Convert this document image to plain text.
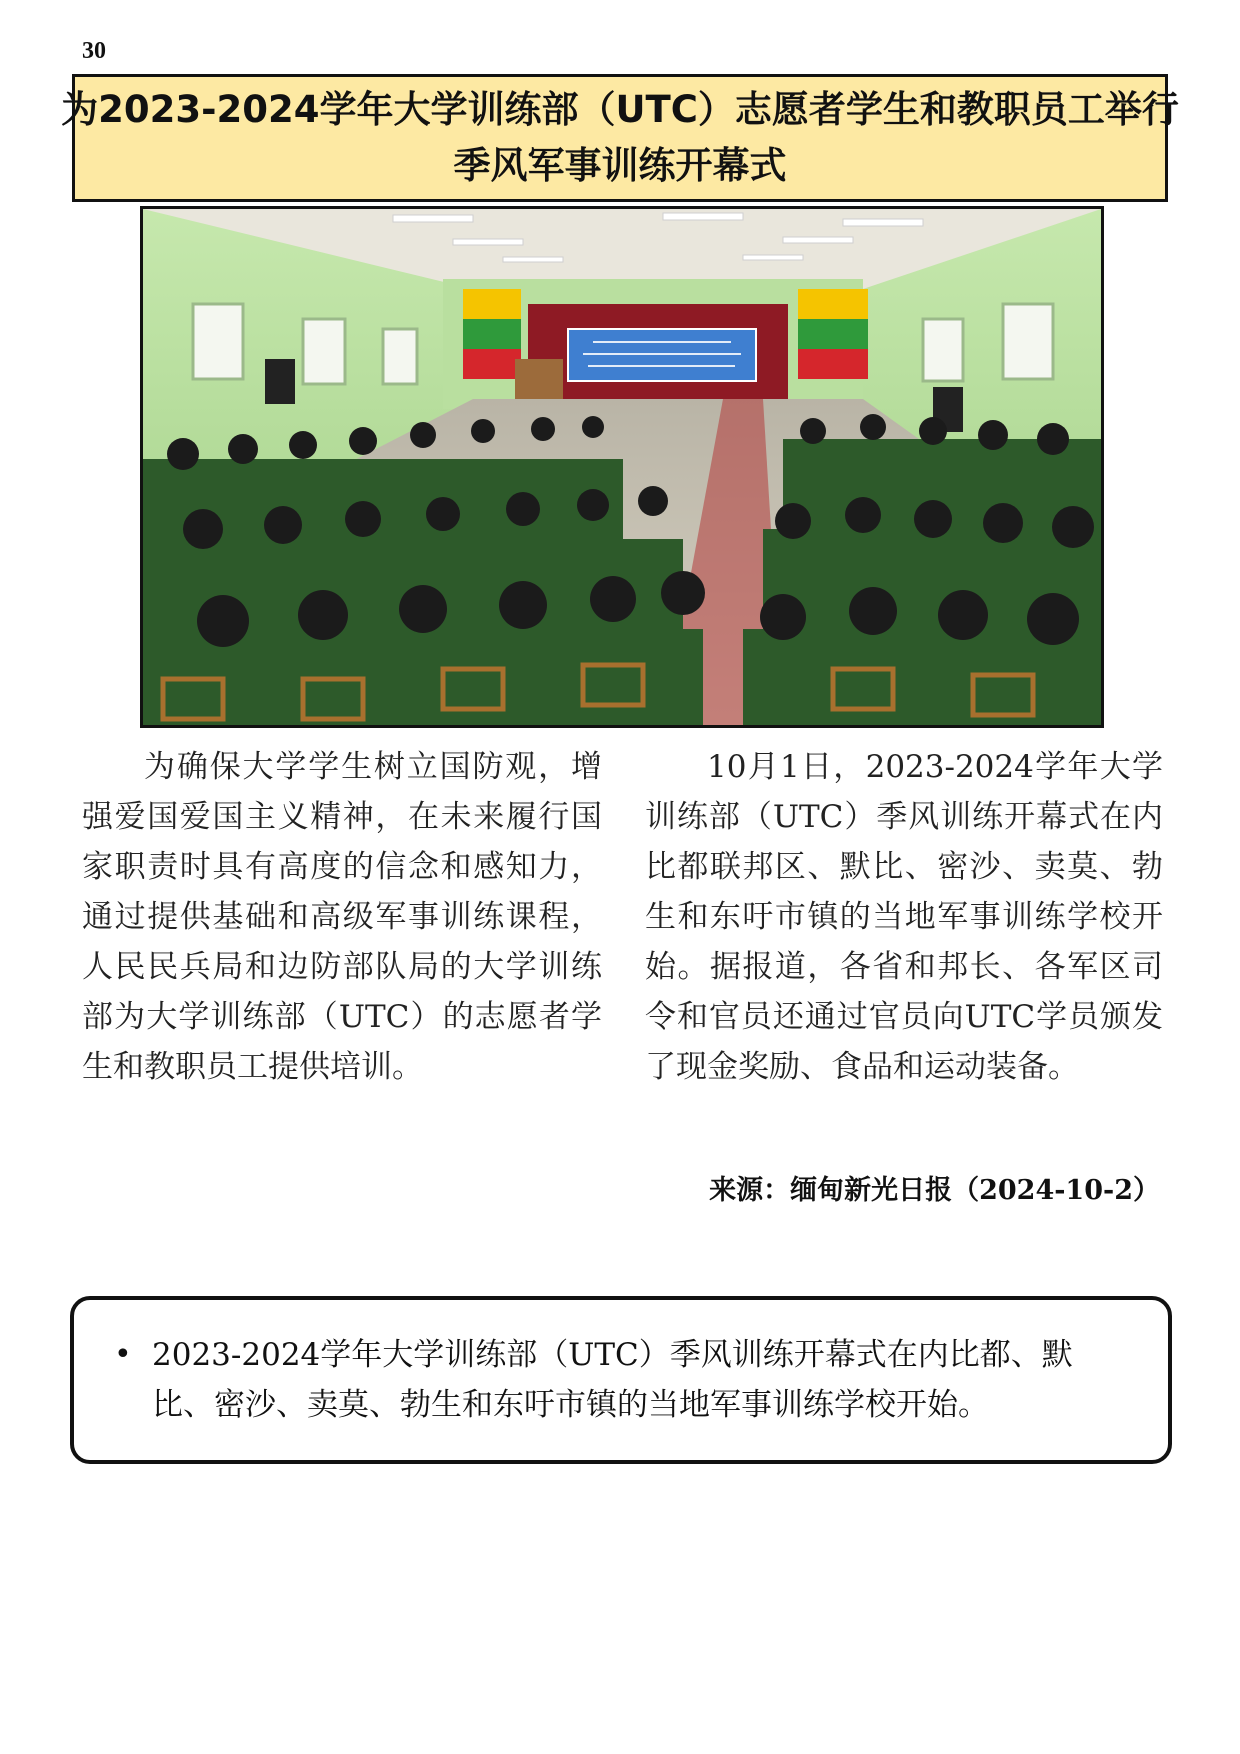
30
为2023-2024学年大学训练部（UTC）志愿者学生和教职员工举行
季风军事训练开幕式

为确保大学学生树立国防观，增强爱国爱国主义精神，在未来履行国家职责时具有高度的信念和感知力，通过提供基础和高级军事训练课程，人民民兵局和边防部队局的大学训练部为大学训练部（UTC）的志愿者学生和教职员工提供培训。

10月1日，2023-2024学年大学训练部（UTC）季风训练开幕式在内比都联邦区、默比、密沙、卖莫、勃生和东吁市镇的当地军事训练学校开始。据报道，各省和邦长、各军区司令和官员还通过官员向UTC学员颁发了现金奖励、食品和运动装备。

来源：缅甸新光日报（2024-10-2）
• 2023-2024学年大学训练部（UTC）季风训练开幕式在内比都、默比、密沙、卖莫、勃生和东吁市镇的当地军事训练学校开始。
